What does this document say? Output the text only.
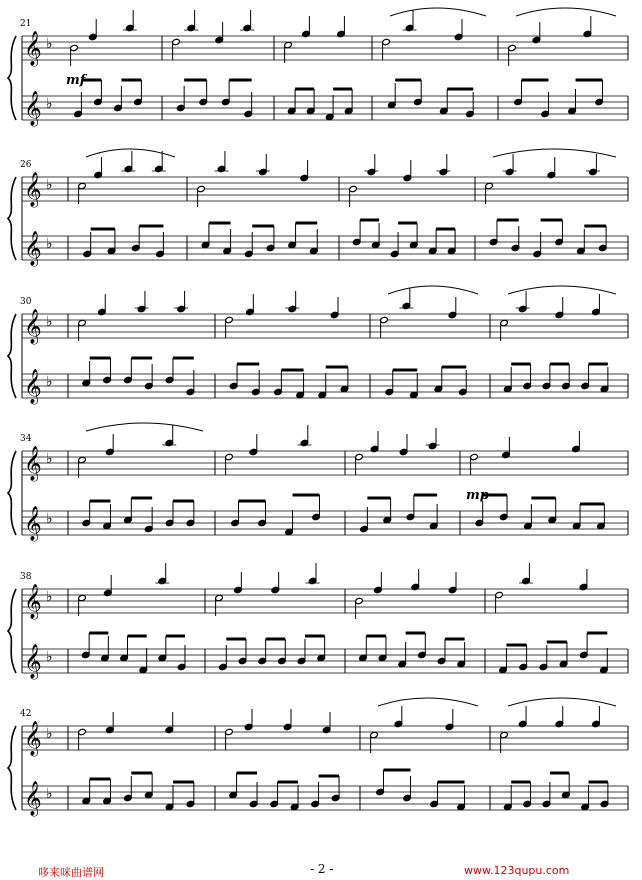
𝄞 ♭
𝄞 ♭
21
mf
𝄞 ♭
𝄞 ♭
26
𝄞 ♭
𝄞 ♭
30
𝄞 ♭
𝄞 ♭
34
mp
𝄞 ♭
𝄞 ♭
38
𝄞 ♭
𝄞 ♭
42
哆来咪曲谱网	- 2 -	www.123qupu.com
